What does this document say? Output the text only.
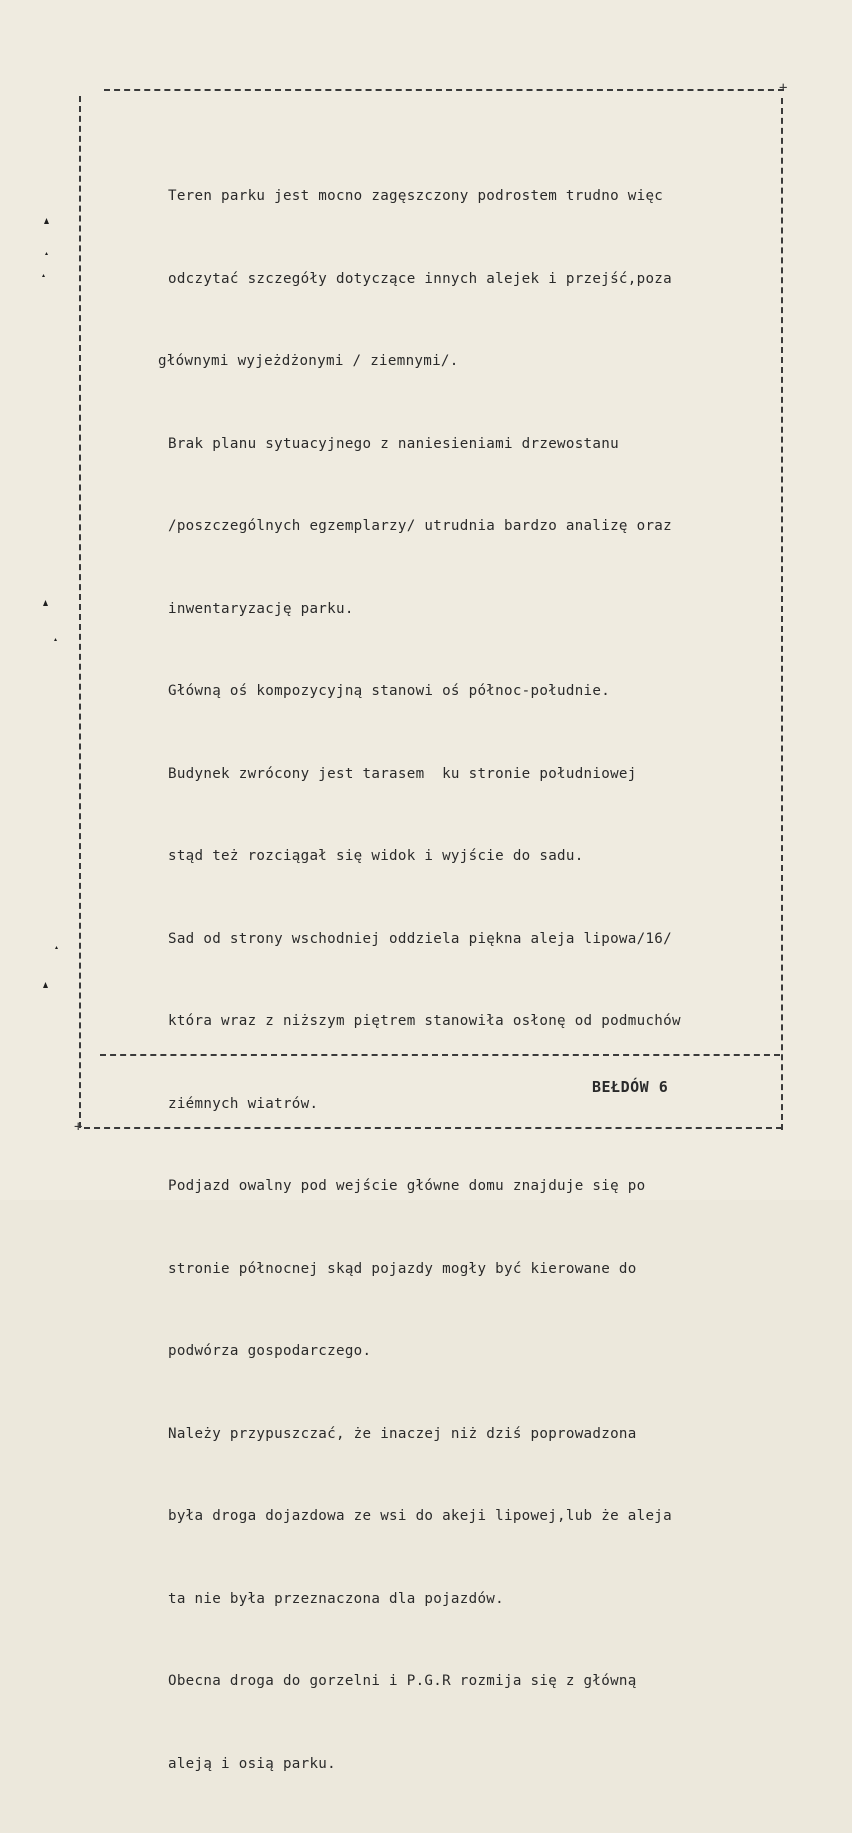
+
+

Teren parku jest mocno zagęszczony podrostem trudno więc

odczytać szczegóły dotyczące innych alejek i przejść,poza

głównymi wyjeżdżonymi / ziemnymi/.

Brak planu sytuacyjnego z naniesieniami drzewostanu

/poszczególnych egzemplarzy/ utrudnia bardzo analizę oraz

inwentaryzację parku.

Główną oś kompozycyjną stanowi oś północ-południe.

Budynek zwrócony jest tarasem  ku stronie południowej

stąd też rozciągał się widok i wyjście do sadu.

Sad od strony wschodniej oddziela piękna aleja lipowa/16/

która wraz z niższym piętrem stanowiła osłonę od podmuchów

ziémnych wiatrów.

Podjazd owalny pod wejście główne domu znajduje się po

stronie północnej skąd pojazdy mogły być kierowane do

podwórza gospodarczego.

Należy przypuszczać, że inaczej niż dziś poprowadzona

była droga dojazdowa ze wsi do akeji lipowej,lub że aleja

ta nie była przeznaczona dla pojazdów.

Obecna droga do gorzelni i P.G.R rozmija się z główną

aleją i osią parku.

BEŁDÓW 6
